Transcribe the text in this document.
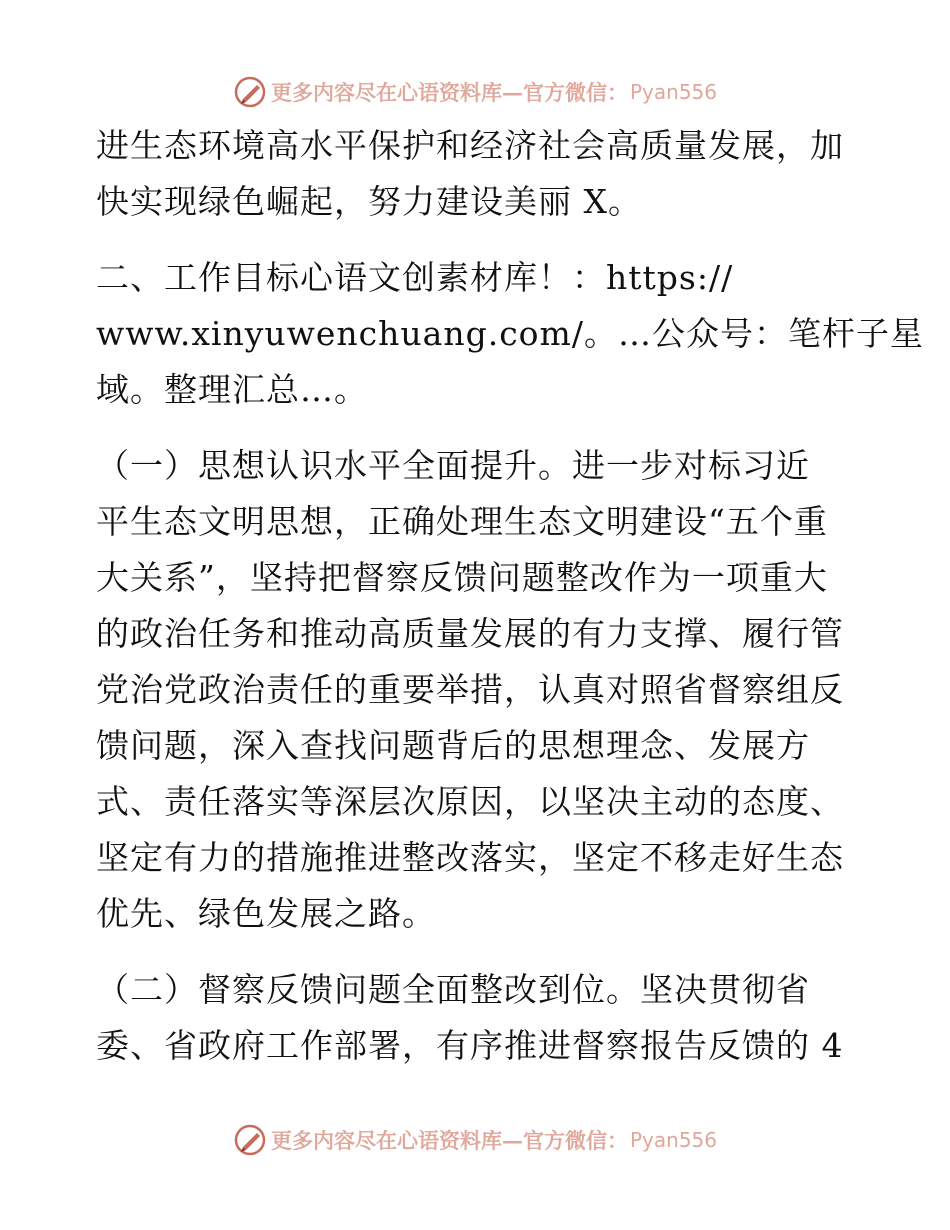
更多内容尽在心语资料库—官方微信： Pyan556
进生态环境高水平保护和经济社会高质量发展，加
快实现绿色崛起，努力建设美丽 X。
二、工作目标心语文创素材库！：https://
www.xinyuwenchuang.com/。…公众号：笔杆子星
域。整理汇总…。
（一）思想认识水平全面提升。进一步对标习近
平生态文明思想，正确处理生态文明建设“五个重
大关系”，坚持把督察反馈问题整改作为一项重大
的政治任务和推动高质量发展的有力支撑、履行管
党治党政治责任的重要举措，认真对照省督察组反
馈问题，深入查找问题背后的思想理念、发展方
式、责任落实等深层次原因，以坚决主动的态度、
坚定有力的措施推进整改落实，坚定不移走好生态
优先、绿色发展之路。
（二）督察反馈问题全面整改到位。坚决贯彻省
委、省政府工作部署，有序推进督察报告反馈的 4
更多内容尽在心语资料库—官方微信： Pyan556
